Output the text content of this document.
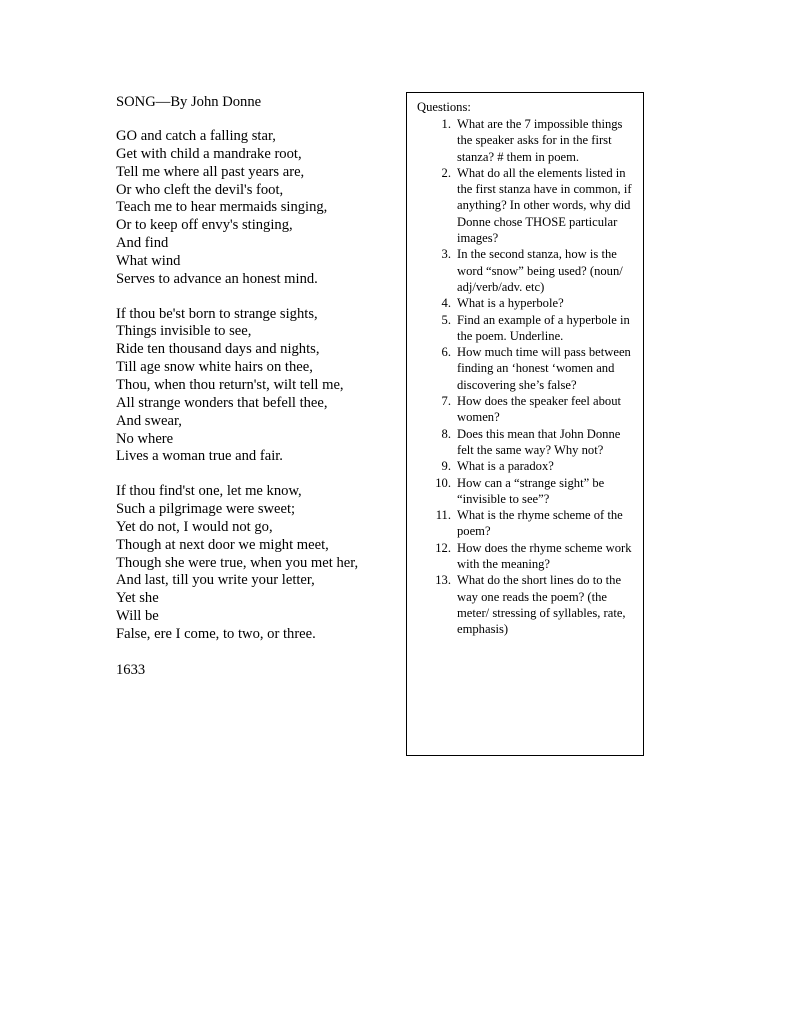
SONG—By John Donne
GO and catch a falling star,
Get with child a mandrake root,
Tell me where all past years are,
Or who cleft the devil's foot,
Teach me to hear mermaids singing,
Or to keep off envy's stinging,
And find
What wind
Serves to advance an honest mind.
If thou be'st born to strange sights,
Things invisible to see,
Ride ten thousand days and nights,
Till age snow white hairs on thee,
Thou, when thou return'st, wilt tell me,
All strange wonders that befell thee,
And swear,
No where
Lives a woman true and fair.
If thou find'st one, let me know,
Such a pilgrimage were sweet;
Yet do not, I would not go,
Though at next door we might meet,
Though she were true, when you met her,
And last, till you write your letter,
Yet she
Will be
False, ere I come, to two, or three.
1633
Questions:
1. What are the 7 impossible things the speaker asks for in the first stanza? # them in poem.
2. What do all the elements listed in the first stanza have in common, if anything? In other words, why did Donne chose THOSE particular images?
3. In the second stanza, how is the word “snow” being used? (noun/ adj/verb/adv. etc)
4. What is a hyperbole?
5. Find an example of a hyperbole in the poem. Underline.
6. How much time will pass between finding an ‘honest ‘women and discovering she’s false?
7. How does the speaker feel about women?
8. Does this mean that John Donne felt the same way? Why not?
9. What is a paradox?
10. How can a “strange sight” be “invisible to see”?
11. What is the rhyme scheme of the poem?
12. How does the rhyme scheme work with the meaning?
13. What do the short lines do to the way one reads the poem? (the meter/ stressing of syllables, rate, emphasis)
